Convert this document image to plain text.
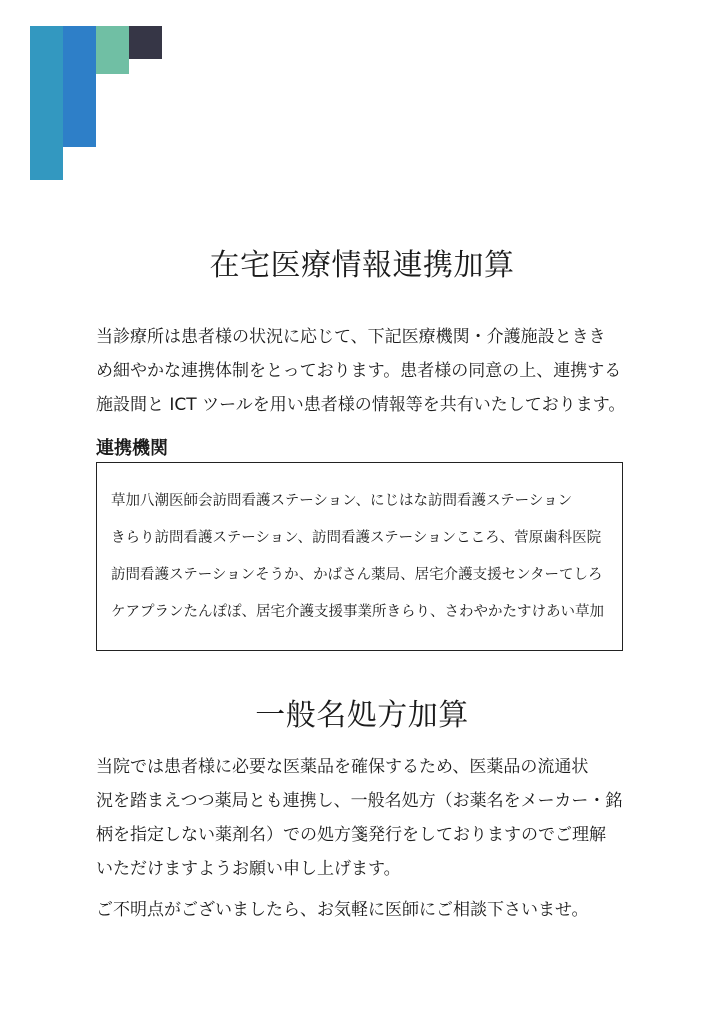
在宅医療情報連携加算

当診療所は患者様の状況に応じて、下記医療機関・介護施設ときき
め細やかな連携体制をとっております。患者様の同意の上、連携する
施設間と ICT ツールを用い患者様の情報等を共有いたしております。

連携機関
草加八潮医師会訪問看護ステーション、にじはな訪問看護ステーション
きらり訪問看護ステーション、訪問看護ステーションこころ、菅原歯科医院
訪問看護ステーションそうか、かばさん薬局、居宅介護支援センターてしろ
ケアプランたんぽぽ、居宅介護支援事業所きらり、さわやかたすけあい草加
一般名処方加算

当院では患者様に必要な医薬品を確保するため、医薬品の流通状
況を踏まえつつ薬局とも連携し、一般名処方（お薬名をメーカー・銘
柄を指定しない薬剤名）での処方箋発行をしておりますのでご理解
いただけますようお願い申し上げます。

ご不明点がございましたら、お気軽に医師にご相談下さいませ。
